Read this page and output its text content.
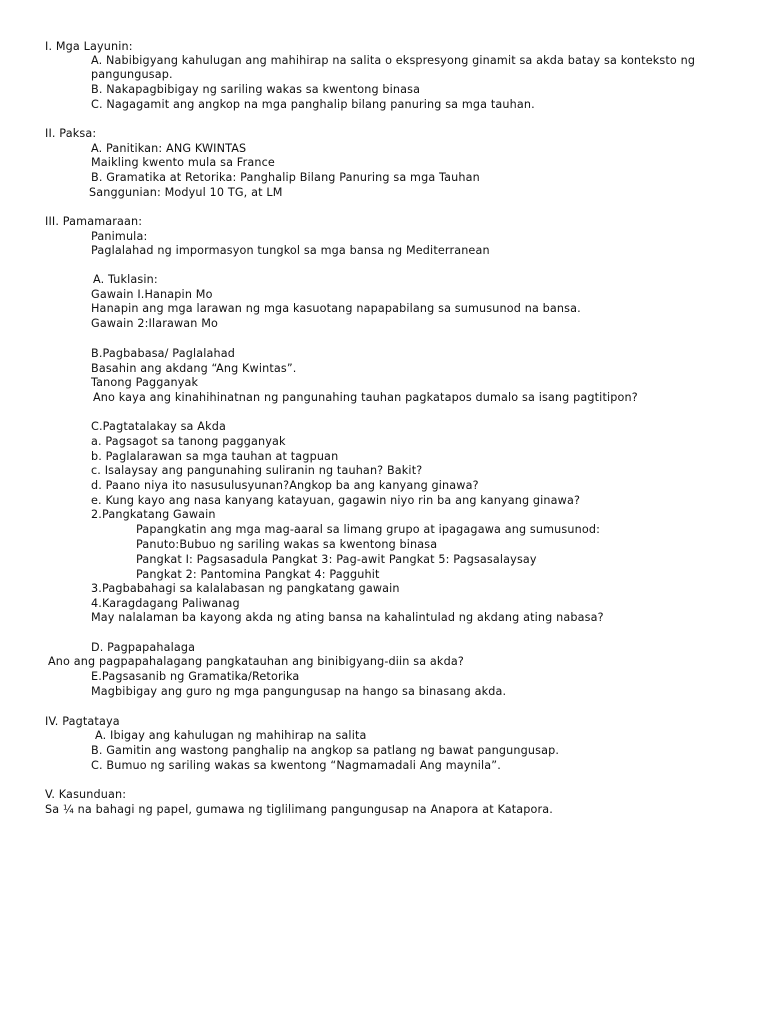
I. Mga Layunin:
A. Nabibigyang kahulugan ang mahihirap na salita o ekspresyong ginamit sa akda batay sa konteksto ng
pangungusap.
B. Nakapagbibigay ng sariling wakas sa kwentong binasa
C. Nagagamit ang angkop na mga panghalip bilang panuring sa mga tauhan.
II. Paksa:
A. Panitikan: ANG KWINTAS
Maikling kwento mula sa France
B. Gramatika at Retorika: Panghalip Bilang Panuring sa mga Tauhan
Sanggunian: Modyul 10 TG, at LM
III. Pamamaraan:
Panimula:
Paglalahad ng impormasyon tungkol sa mga bansa ng Mediterranean
A. Tuklasin:
Gawain I.Hanapin Mo
Hanapin ang mga larawan ng mga kasuotang napapabilang sa sumusunod na bansa.
Gawain 2:Ilarawan Mo
B.Pagbabasa/ Paglalahad
Basahin ang akdang “Ang Kwintas”.
Tanong Pagganyak
Ano kaya ang kinahihinatnan ng pangunahing tauhan pagkatapos dumalo sa isang pagtitipon?
C.Pagtatalakay sa Akda
a. Pagsagot sa tanong pagganyak
b. Paglalarawan sa mga tauhan at tagpuan
c. Isalaysay ang pangunahing suliranin ng tauhan? Bakit?
d. Paano niya ito nasusulusyunan?Angkop ba ang kanyang ginawa?
e. Kung kayo ang nasa kanyang katayuan, gagawin niyo rin ba ang kanyang ginawa?
2.Pangkatang Gawain
Papangkatin ang mga mag-aaral sa limang grupo at ipagagawa ang sumusunod:
Panuto:Bubuo ng sariling wakas sa kwentong binasa
Pangkat I: Pagsasadula Pangkat 3: Pag-awit Pangkat 5: Pagsasalaysay
Pangkat 2: Pantomina Pangkat 4: Pagguhit
3.Pagbabahagi sa kalalabasan ng pangkatang gawain
4.Karagdagang Paliwanag
May nalalaman ba kayong akda ng ating bansa na kahalintulad ng akdang ating nabasa?
D. Pagpapahalaga
Ano ang pagpapahalagang pangkatauhan ang binibigyang-diin sa akda?
E.Pagsasanib ng Gramatika/Retorika
Magbibigay ang guro ng mga pangungusap na hango sa binasang akda.
IV. Pagtataya
A. Ibigay ang kahulugan ng mahihirap na salita
B. Gamitin ang wastong panghalip na angkop sa patlang ng bawat pangungusap.
C. Bumuo ng sariling wakas sa kwentong “Nagmamadali Ang maynila”.
V. Kasunduan:
Sa ¼ na bahagi ng papel, gumawa ng tiglilimang pangungusap na Anapora at Katapora.
